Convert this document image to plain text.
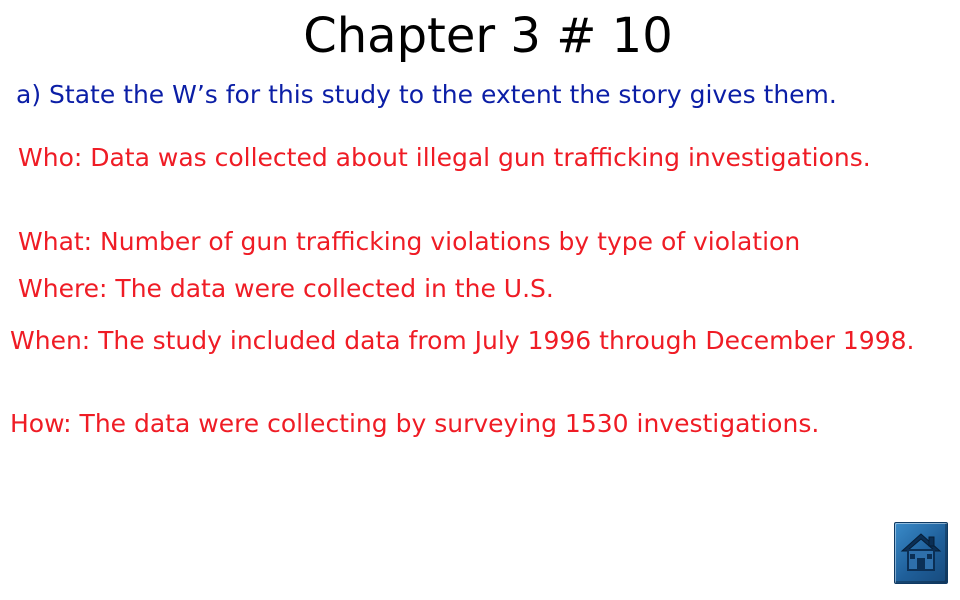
Chapter 3 # 10
a) State the W’s for this study to the extent the story gives them.
Who: Data was collected about illegal gun trafficking investigations.
What: Number of gun trafficking violations by type of violation
Where: The data were collected in the U.S.
When: The study included data from July 1996 through December 1998.
How: The data were collecting by surveying 1530 investigations.
